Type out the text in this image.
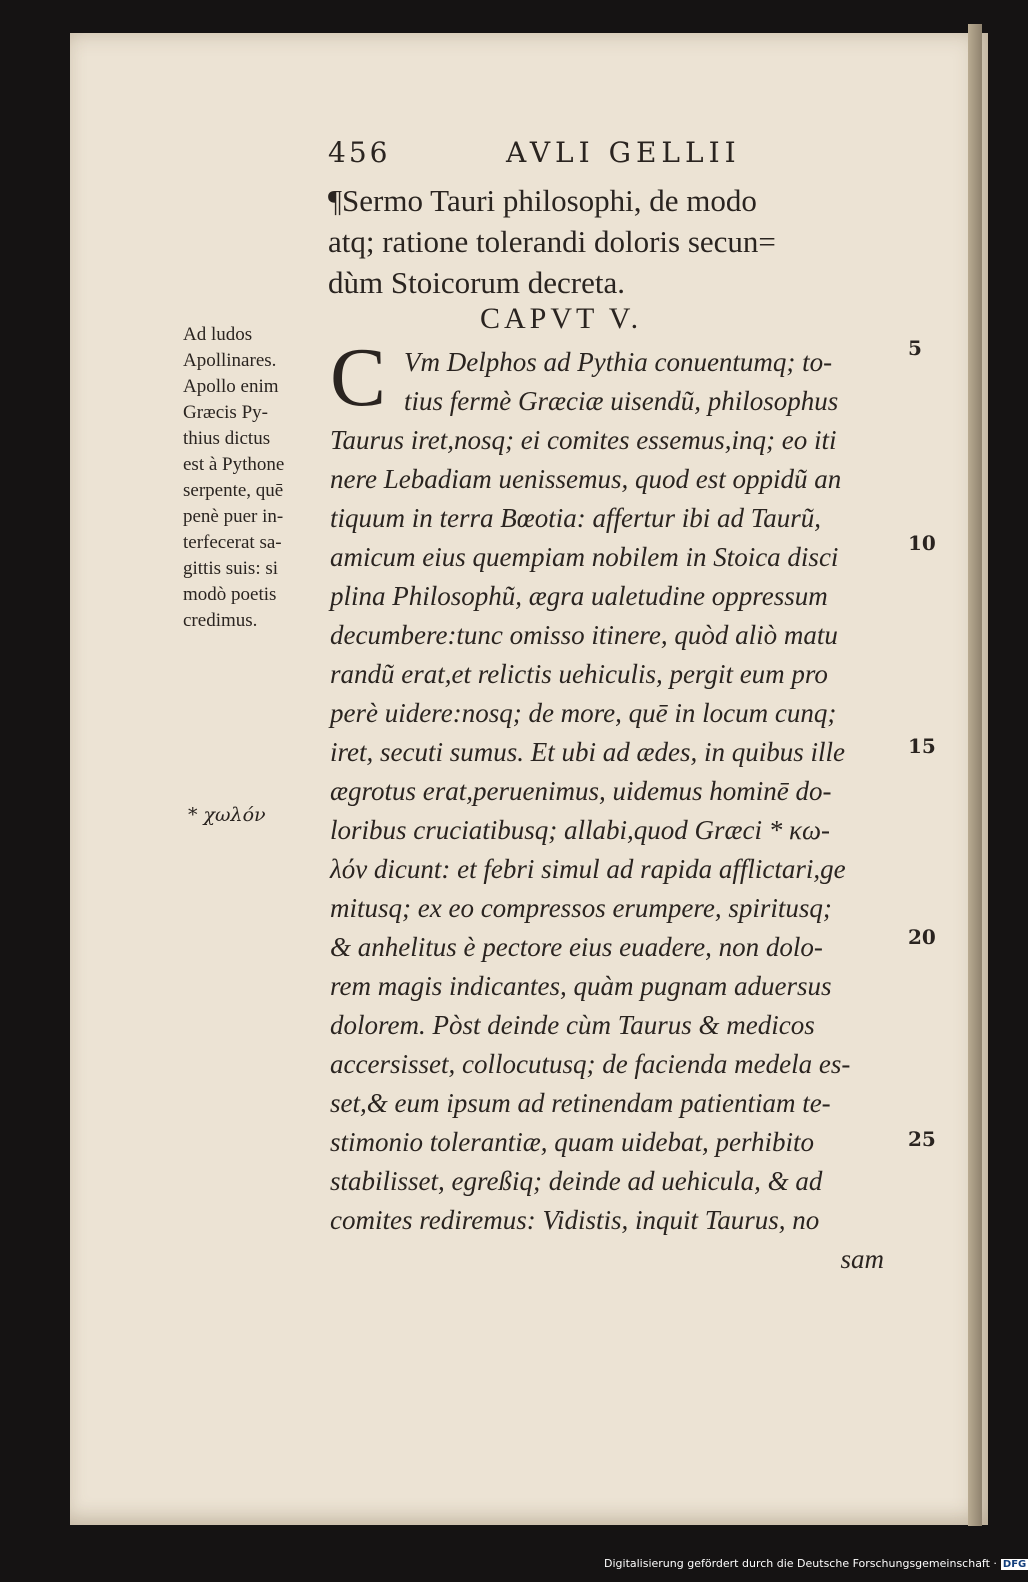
456	AVLI GELLII
¶Sermo Tauri philosophi, de modo
atq; ratione tolerandi doloris secun=
dùm Stoicorum decreta.
CAPVT V.
C Vm Delphos ad Pythia conuentumq; to-
tius fermè Græciæ uisendũ, philosophus
Taurus iret,nosq; ei comites essemus,inq; eo iti
nere Lebadiam uenissemus, quod est oppidũ an
tiquum in terra Bœotia: affertur ibi ad Taurũ,
amicum eius quempiam nobilem in Stoica disci
plina Philosophũ, ægra ualetudine oppressum
decumbere:tunc omisso itinere, quòd aliò matu
randũ erat,et relictis uehiculis, pergit eum pro
perè uidere:nosq; de more, quē in locum cunq;
iret, secuti sumus. Et ubi ad ædes, in quibus ille
ægrotus erat,peruenimus, uidemus hominē do-
loribus cruciatibusq; allabi,quod Græci * κω-
λόν dicunt: et febri simul ad rapida afflictari,ge
mitusq; ex eo compressos erumpere, spiritusq;
& anhelitus è pectore eius euadere, non dolo-
rem magis indicantes, quàm pugnam aduersus
dolorem. Pòst deinde cùm Taurus & medicos
accersisset, collocutusq; de facienda medela es-
set,& eum ipsum ad retinendam patientiam te-
stimonio tolerantiæ, quam uidebat, perhibito
stabilisset, egreßiq; deinde ad uehicula, & ad
comites rediremus: Vidistis, inquit Taurus, no
sam
Ad ludos
Apollinares.
Apollo enim
Græcis Py-
thius dictus
est à Pythone
serpente, quē
penè puer in-
terfecerat sa-
gittis suis: si
modò poetis
credimus.
* χωλόν
5
10
15
20
25
Digitalisierung gefördert durch die Deutsche Forschungsgemeinschaft · DFG
